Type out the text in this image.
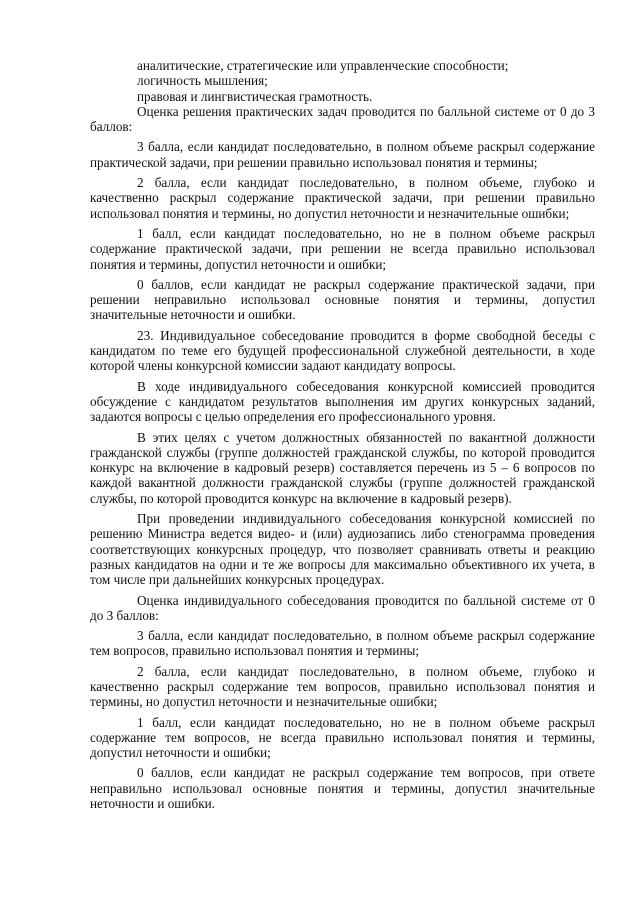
аналитические, стратегические или управленческие способности;

логичность мышления;

правовая и лингвистическая грамотность.

Оценка решения практических задач проводится по балльной системе от 0 до 3 баллов:

3 балла, если кандидат последовательно, в полном объеме раскрыл содержание практической задачи, при решении правильно использовал понятия и термины;

2 балла, если кандидат последовательно, в полном объеме, глубоко и качественно раскрыл содержание практической задачи, при решении правильно использовал понятия и термины, но допустил неточности и незначительные ошибки;

1 балл, если кандидат последовательно, но не в полном объеме раскрыл содержание практической задачи, при решении не всегда правильно использовал понятия и термины, допустил неточности и ошибки;

0 баллов, если кандидат не раскрыл содержание практической задачи, при решении неправильно использовал основные понятия и термины, допустил значительные неточности и ошибки.

23. Индивидуальное собеседование проводится в форме свободной беседы с кандидатом по теме его будущей профессиональной служебной деятельности, в ходе которой члены конкурсной комиссии задают кандидату вопросы.

В ходе индивидуального собеседования конкурсной комиссией проводится обсуждение с кандидатом результатов выполнения им других конкурсных заданий, задаются вопросы с целью определения его профессионального уровня.

В этих целях с учетом должностных обязанностей по вакантной должности гражданской службы (группе должностей гражданской службы, по которой проводится конкурс на включение в кадровый резерв) составляется перечень из 5 – 6 вопросов по каждой вакантной должности гражданской службы (группе должностей гражданской службы, по которой проводится конкурс на включение в кадровый резерв).

При проведении индивидуального собеседования конкурсной комиссией по решению Министра ведется видео- и (или) аудиозапись либо стенограмма проведения соответствующих конкурсных процедур, что позволяет сравнивать ответы и реакцию разных кандидатов на одни и те же вопросы для максимально объективного их учета, в том числе при дальнейших конкурсных процедурах.

Оценка индивидуального собеседования проводится по балльной системе от 0 до 3 баллов:

3 балла, если кандидат последовательно, в полном объеме раскрыл содержание тем вопросов, правильно использовал понятия и термины;

2 балла, если кандидат последовательно, в полном объеме, глубоко и качественно раскрыл содержание тем вопросов, правильно использовал понятия и термины, но допустил неточности и незначительные ошибки;

1 балл, если кандидат последовательно, но не в полном объеме раскрыл содержание тем вопросов, не всегда правильно использовал понятия и термины, допустил неточности и ошибки;

0 баллов, если кандидат не раскрыл содержание тем вопросов, при ответе неправильно использовал основные понятия и термины, допустил значительные неточности и ошибки.
